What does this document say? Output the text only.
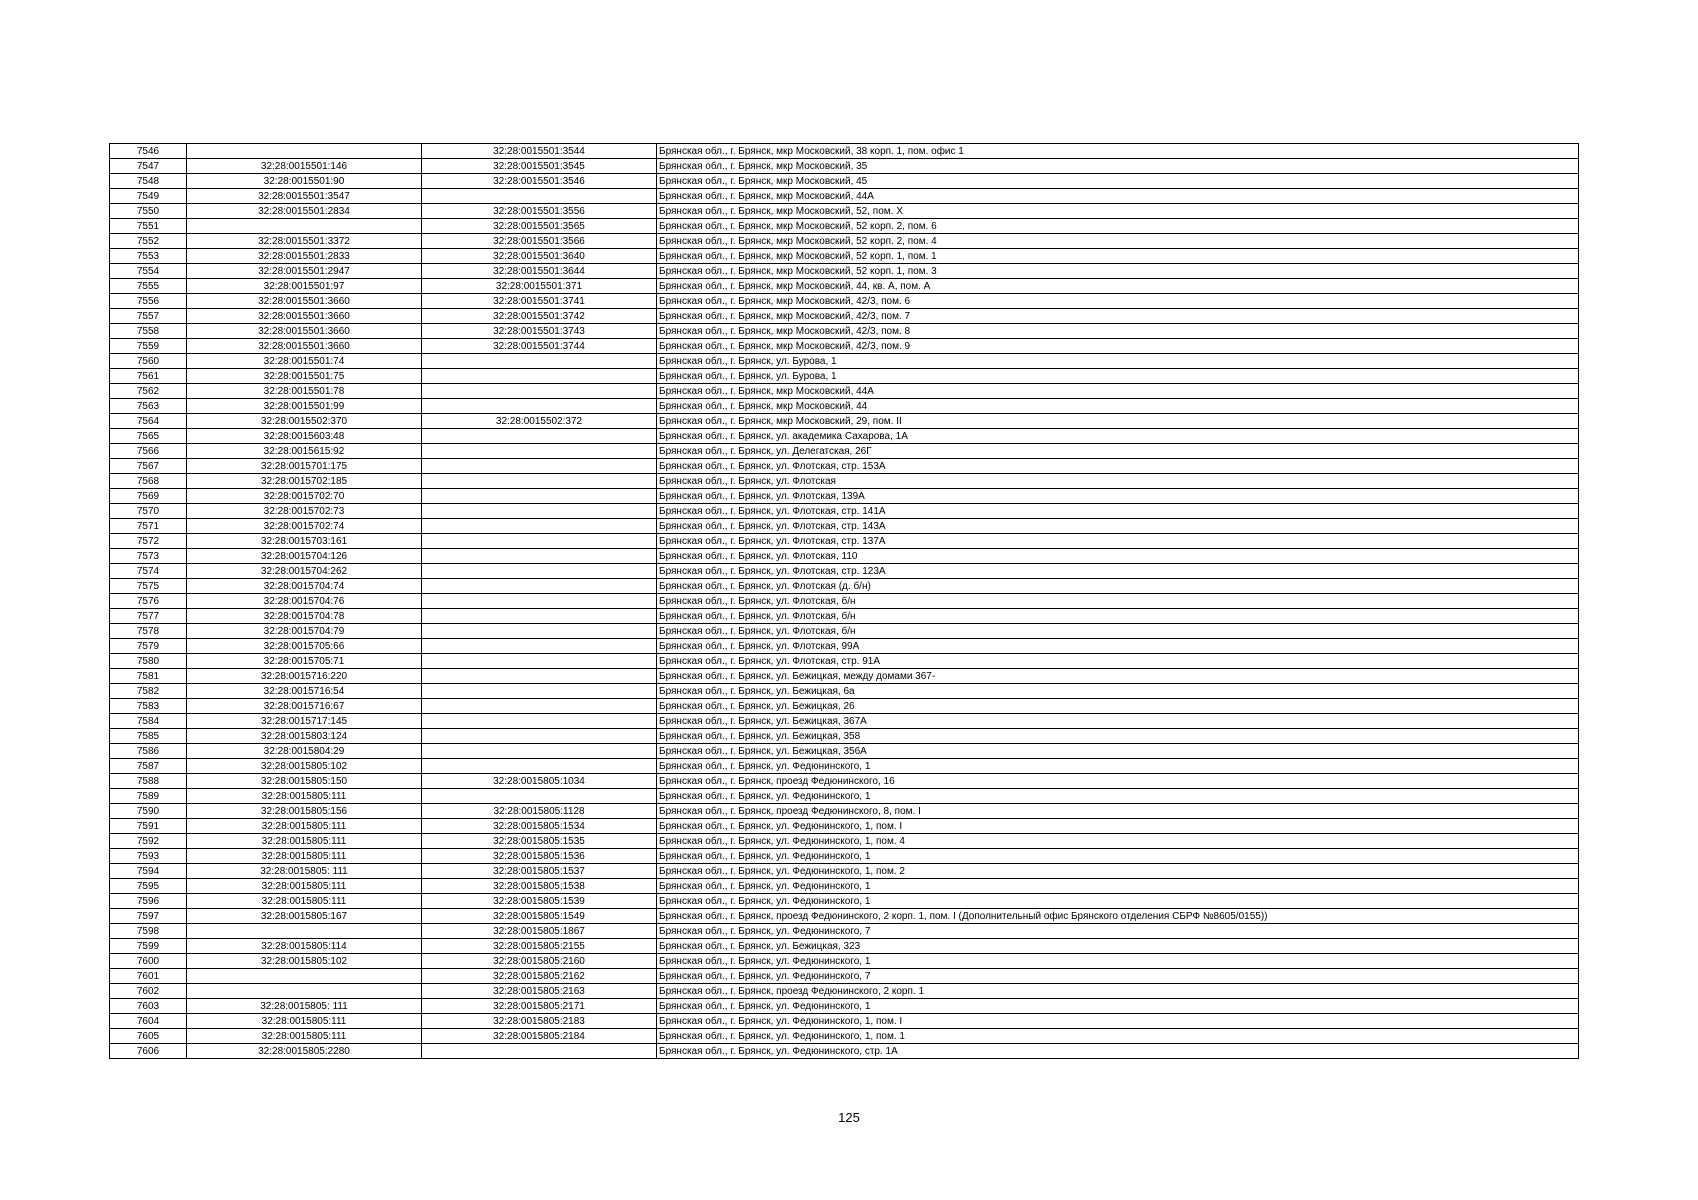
7546		32:28:0015501:3544	Брянская обл., г. Брянск, мкр Московский, 38 корп. 1, пом. офис 1
7547	32:28:0015501:146	32:28:0015501:3545	Брянская обл., г. Брянск, мкр Московский, 35
7548	32:28:0015501:90	32:28:0015501:3546	Брянская обл., г. Брянск, мкр Московский, 45
7549	32:28:0015501:3547		Брянская обл., г. Брянск, мкр Московский, 44А
7550	32:28:0015501:2834	32:28:0015501:3556	Брянская обл., г. Брянск, мкр Московский, 52, пом. X
7551		32:28:0015501:3565	Брянская обл., г. Брянск, мкр Московский, 52 корп. 2, пом. 6
7552	32:28:0015501:3372	32:28:0015501:3566	Брянская обл., г. Брянск, мкр Московский, 52 корп. 2, пом. 4
7553	32:28:0015501:2833	32:28:0015501:3640	Брянская обл., г. Брянск, мкр Московский, 52 корп. 1, пом. 1
7554	32:28:0015501:2947	32:28:0015501:3644	Брянская обл., г. Брянск, мкр Московский, 52 корп. 1, пом. 3
7555	32:28:0015501:97	32:28:0015501:371	Брянская обл., г. Брянск, мкр Московский, 44, кв. А, пом. А
7556	32:28:0015501:3660	32:28:0015501:3741	Брянская обл., г. Брянск, мкр Московский, 42/3, пом. 6
7557	32:28:0015501:3660	32:28:0015501:3742	Брянская обл., г. Брянск, мкр Московский, 42/3, пом. 7
7558	32:28:0015501:3660	32:28:0015501:3743	Брянская обл., г. Брянск, мкр Московский, 42/3, пом. 8
7559	32:28:0015501:3660	32:28:0015501:3744	Брянская обл., г. Брянск, мкр Московский, 42/3, пом. 9
7560	32:28:0015501:74		Брянская обл., г. Брянск, ул. Бурова, 1
7561	32:28:0015501:75		Брянская обл., г. Брянск, ул. Бурова, 1
7562	32:28:0015501:78		Брянская обл., г. Брянск, мкр Московский, 44А
7563	32:28:0015501:99		Брянская обл., г. Брянск, мкр Московский, 44
7564	32:28:0015502:370	32:28:0015502:372	Брянская обл., г. Брянск, мкр Московский, 29, пом. II
7565	32:28:0015603:48		Брянская обл., г. Брянск, ул. академика Сахарова, 1А
7566	32:28:0015615:92		Брянская обл., г. Брянск, ул. Делегатская, 26Г
7567	32:28:0015701:175		Брянская обл., г. Брянск, ул. Флотская, стр. 153А
7568	32:28:0015702:185		Брянская обл., г. Брянск, ул. Флотская
7569	32:28:0015702:70		Брянская обл., г. Брянск, ул. Флотская, 139А
7570	32:28:0015702:73		Брянская обл., г. Брянск, ул. Флотская, стр. 141А
7571	32:28:0015702:74		Брянская обл., г. Брянск, ул. Флотская, стр. 143А
7572	32:28:0015703:161		Брянская обл., г. Брянск, ул. Флотская, стр. 137А
7573	32:28:0015704:126		Брянская обл., г. Брянск, ул. Флотская, 110
7574	32:28:0015704:262		Брянская обл., г. Брянск, ул. Флотская, стр. 123А
7575	32:28:0015704:74		Брянская обл., г. Брянск, ул. Флотская (д. б/н)
7576	32:28:0015704:76		Брянская обл., г. Брянск, ул. Флотская, б/н
7577	32:28:0015704:78		Брянская обл., г. Брянск, ул. Флотская, б/н
7578	32:28:0015704:79		Брянская обл., г. Брянск, ул. Флотская, б/н
7579	32:28:0015705:66		Брянская обл., г. Брянск, ул. Флотская, 99А
7580	32:28:0015705:71		Брянская обл., г. Брянск, ул. Флотская, стр. 91А
7581	32:28:0015716:220		Брянская обл., г. Брянск, ул. Бежицкая, между домами 367-
7582	32:28:0015716:54		Брянская обл., г. Брянск, ул. Бежицкая, 6а
7583	32:28:0015716:67		Брянская обл., г. Брянск, ул. Бежицкая, 26
7584	32:28:0015717:145		Брянская обл., г. Брянск, ул. Бежицкая, 367А
7585	32:28:0015803:124		Брянская обл., г. Брянск, ул. Бежицкая, 358
7586	32:28:0015804:29		Брянская обл., г. Брянск, ул. Бежицкая, 356А
7587	32:28:0015805:102		Брянская обл., г. Брянск, ул. Федюнинского, 1
7588	32:28:0015805:150	32:28:0015805:1034	Брянская обл., г. Брянск, проезд Федюнинского, 16
7589	32:28:0015805:111		Брянская обл., г. Брянск, ул. Федюнинского, 1
7590	32:28:0015805:156	32:28:0015805:1128	Брянская обл., г. Брянск, проезд Федюнинского, 8, пом. I
7591	32:28:0015805:111	32:28:0015805:1534	Брянская обл., г. Брянск, ул. Федюнинского, 1, пом. I
7592	32:28:0015805:111	32:28:0015805:1535	Брянская обл., г. Брянск, ул. Федюнинского, 1, пом. 4
7593	32:28:0015805:111	32:28:0015805:1536	Брянская обл., г. Брянск, ул. Федюнинского, 1
7594	32:28:0015805: 111	32:28:0015805:1537	Брянская обл., г. Брянск, ул. Федюнинского, 1, пом. 2
7595	32:28:0015805:111	32:28:0015805:1538	Брянская обл., г. Брянск, ул. Федюнинского, 1
7596	32:28:0015805:111	32:28:0015805:1539	Брянская обл., г. Брянск, ул. Федюнинского, 1
7597	32:28:0015805:167	32:28:0015805:1549	Брянская обл., г. Брянск, проезд Федюнинского, 2 корп. 1, пом. I (Дополнительный офис Брянского отделения СБРФ №8605/0155))
7598		32:28:0015805:1867	Брянская обл., г. Брянск, ул. Федюнинского, 7
7599	32:28:0015805:114	32:28:0015805:2155	Брянская обл., г. Брянск, ул. Бежицкая, 323
7600	32:28:0015805:102	32:28:0015805:2160	Брянская обл., г. Брянск, ул. Федюнинского, 1
7601		32:28:0015805:2162	Брянская обл., г. Брянск, ул. Федюнинского, 7
7602		32:28:0015805:2163	Брянская обл., г. Брянск, проезд Федюнинского, 2 корп. 1
7603	32:28:0015805: 111	32:28:0015805:2171	Брянская обл., г. Брянск, ул. Федюнинского, 1
7604	32:28:0015805:111	32:28:0015805:2183	Брянская обл., г. Брянск, ул. Федюнинского, 1, пом. I
7605	32:28:0015805:111	32:28:0015805:2184	Брянская обл., г. Брянск, ул. Федюнинского, 1, пом. 1
7606	32:28:0015805:2280		Брянская обл., г. Брянск, ул. Федюнинского, стр. 1А
125
